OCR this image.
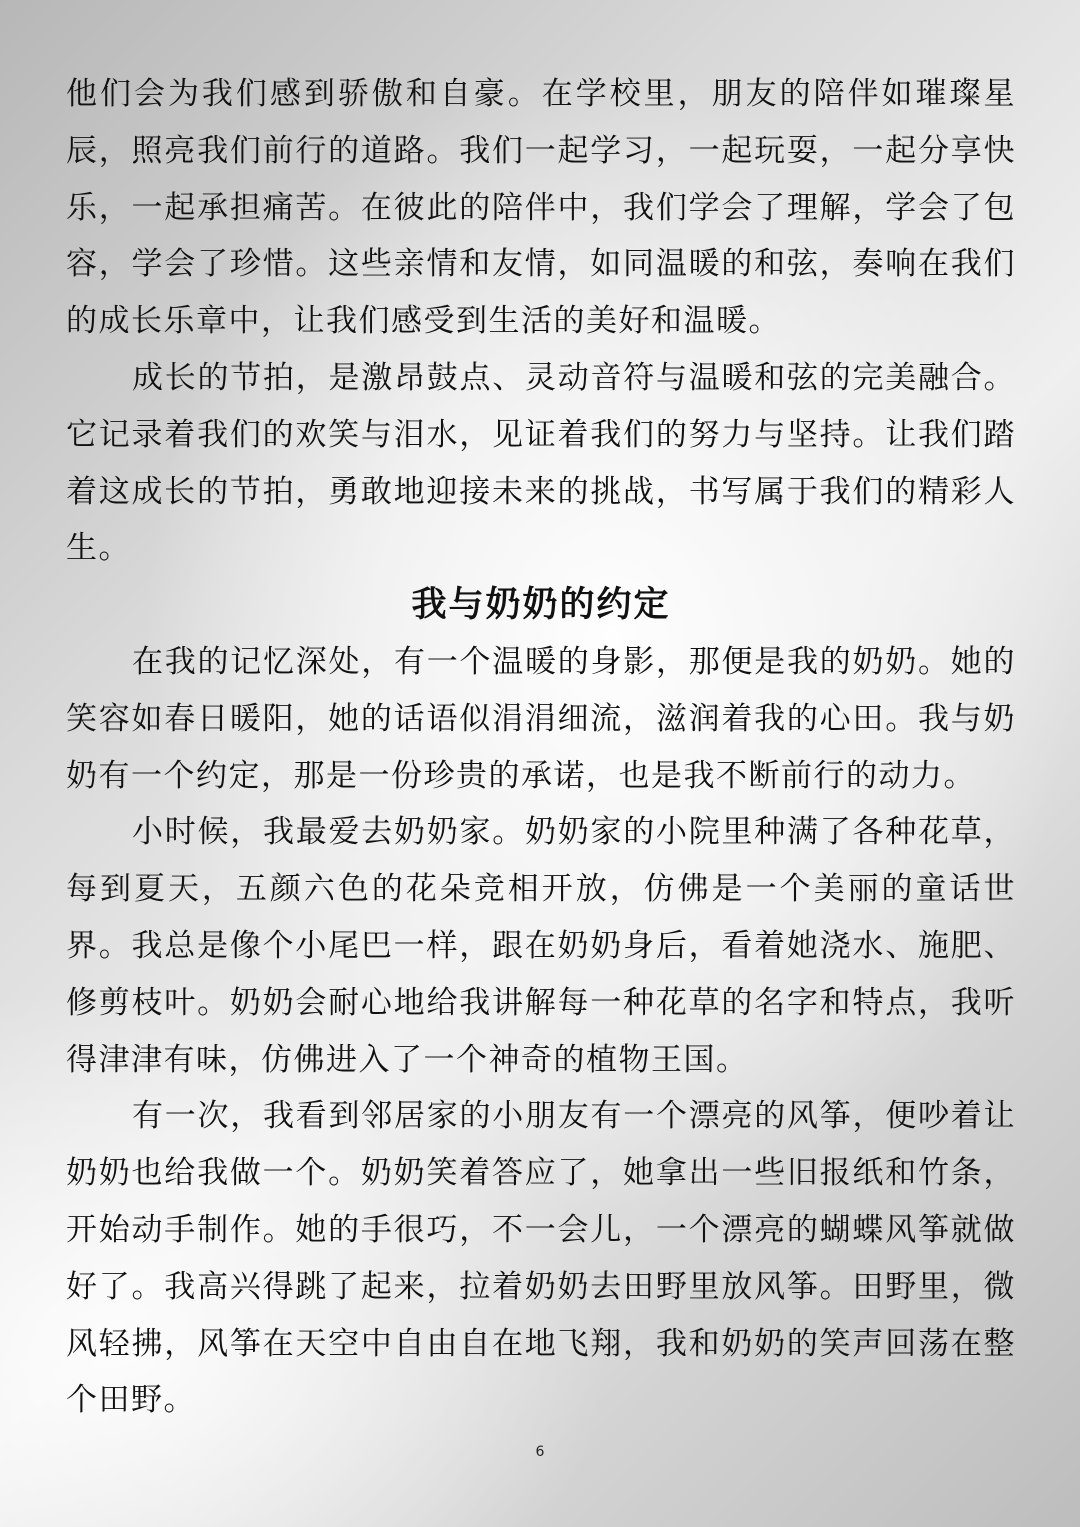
他们会为我们感到骄傲和自豪。在学校里，朋友的陪伴如璀璨星辰，照亮我们前行的道路。我们一起学习，一起玩耍，一起分享快乐，一起承担痛苦。在彼此的陪伴中，我们学会了理解，学会了包容，学会了珍惜。这些亲情和友情，如同温暖的和弦，奏响在我们的成长乐章中，让我们感受到生活的美好和温暖。

成长的节拍，是激昂鼓点、灵动音符与温暖和弦的完美融合。它记录着我们的欢笑与泪水，见证着我们的努力与坚持。让我们踏着这成长的节拍，勇敢地迎接未来的挑战，书写属于我们的精彩人生。

我与奶奶的约定

在我的记忆深处，有一个温暖的身影，那便是我的奶奶。她的笑容如春日暖阳，她的话语似涓涓细流，滋润着我的心田。我与奶奶有一个约定，那是一份珍贵的承诺，也是我不断前行的动力。

小时候，我最爱去奶奶家。奶奶家的小院里种满了各种花草，每到夏天，五颜六色的花朵竞相开放，仿佛是一个美丽的童话世界。我总是像个小尾巴一样，跟在奶奶身后，看着她浇水、施肥、修剪枝叶。奶奶会耐心地给我讲解每一种花草的名字和特点，我听得津津有味，仿佛进入了一个神奇的植物王国。

有一次，我看到邻居家的小朋友有一个漂亮的风筝，便吵着让奶奶也给我做一个。奶奶笑着答应了，她拿出一些旧报纸和竹条，开始动手制作。她的手很巧，不一会儿，一个漂亮的蝴蝶风筝就做好了。我高兴得跳了起来，拉着奶奶去田野里放风筝。田野里，微风轻拂，风筝在天空中自由自在地飞翔，我和奶奶的笑声回荡在整个田野。

6
